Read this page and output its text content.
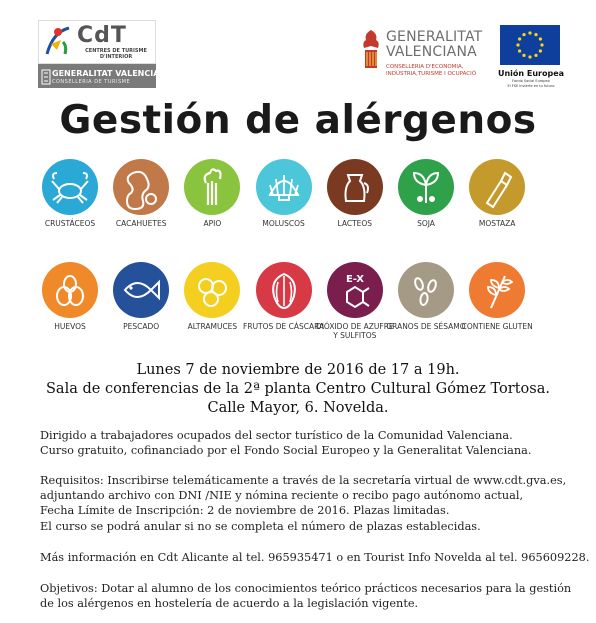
CdT
CENTRES DE TURISME D'INTERIOR
GENERALITAT VALENCIANA
CONSELLERIA DE TURISME
GENERALITAT
VALENCIANA
CONSELLERIA D'ECONOMIA,
INDÚSTRIA,TURISME I OCUPACIÓ	Unión Europea
Fondo Social Europeo
El FSE invierte en tu futuro
Gestión de alérgenos
CRUSTÁCEOS	CACAHUETES	APIO	MOLUSCOS	LACTEOS	SOJA	MOSTAZA
HUEVOS	PESCADO	ALTRAMUCES FRUTOS DE CÁSCARA
E-X
DIÓXIDO DE AZUFRE Y SULFITOS
GRANOS DE SÉSAMO
CONTIENE GLUTEN
Lunes 7 de noviembre de 2016 de 17 a 19h.
Sala de conferencias de la 2ª planta Centro Cultural Gómez Tortosa.
Calle Mayor, 6. Novelda.
Dirigido a trabajadores ocupados del sector turístico de la Comunidad Valenciana.
Curso gratuito, cofinanciado por el Fondo Social Europeo y la Generalitat Valenciana.
Requisitos: Inscribirse telemáticamente a través de la secretaría virtual de www.cdt.gva.es,
adjuntando archivo con DNI /NIE y nómina reciente o recibo pago autónomo actual,
Fecha Límite de Inscripción: 2 de noviembre de 2016. Plazas limitadas.
El curso se podrá anular si no se completa el número de plazas establecidas.
Más información en Cdt Alicante al tel. 965935471 o en Tourist Info Novelda al tel. 965609228.
Objetivos: Dotar al alumno de los conocimientos teórico prácticos necesarios para la gestión
de los alérgenos en hostelería de acuerdo a la legislación vigente.
